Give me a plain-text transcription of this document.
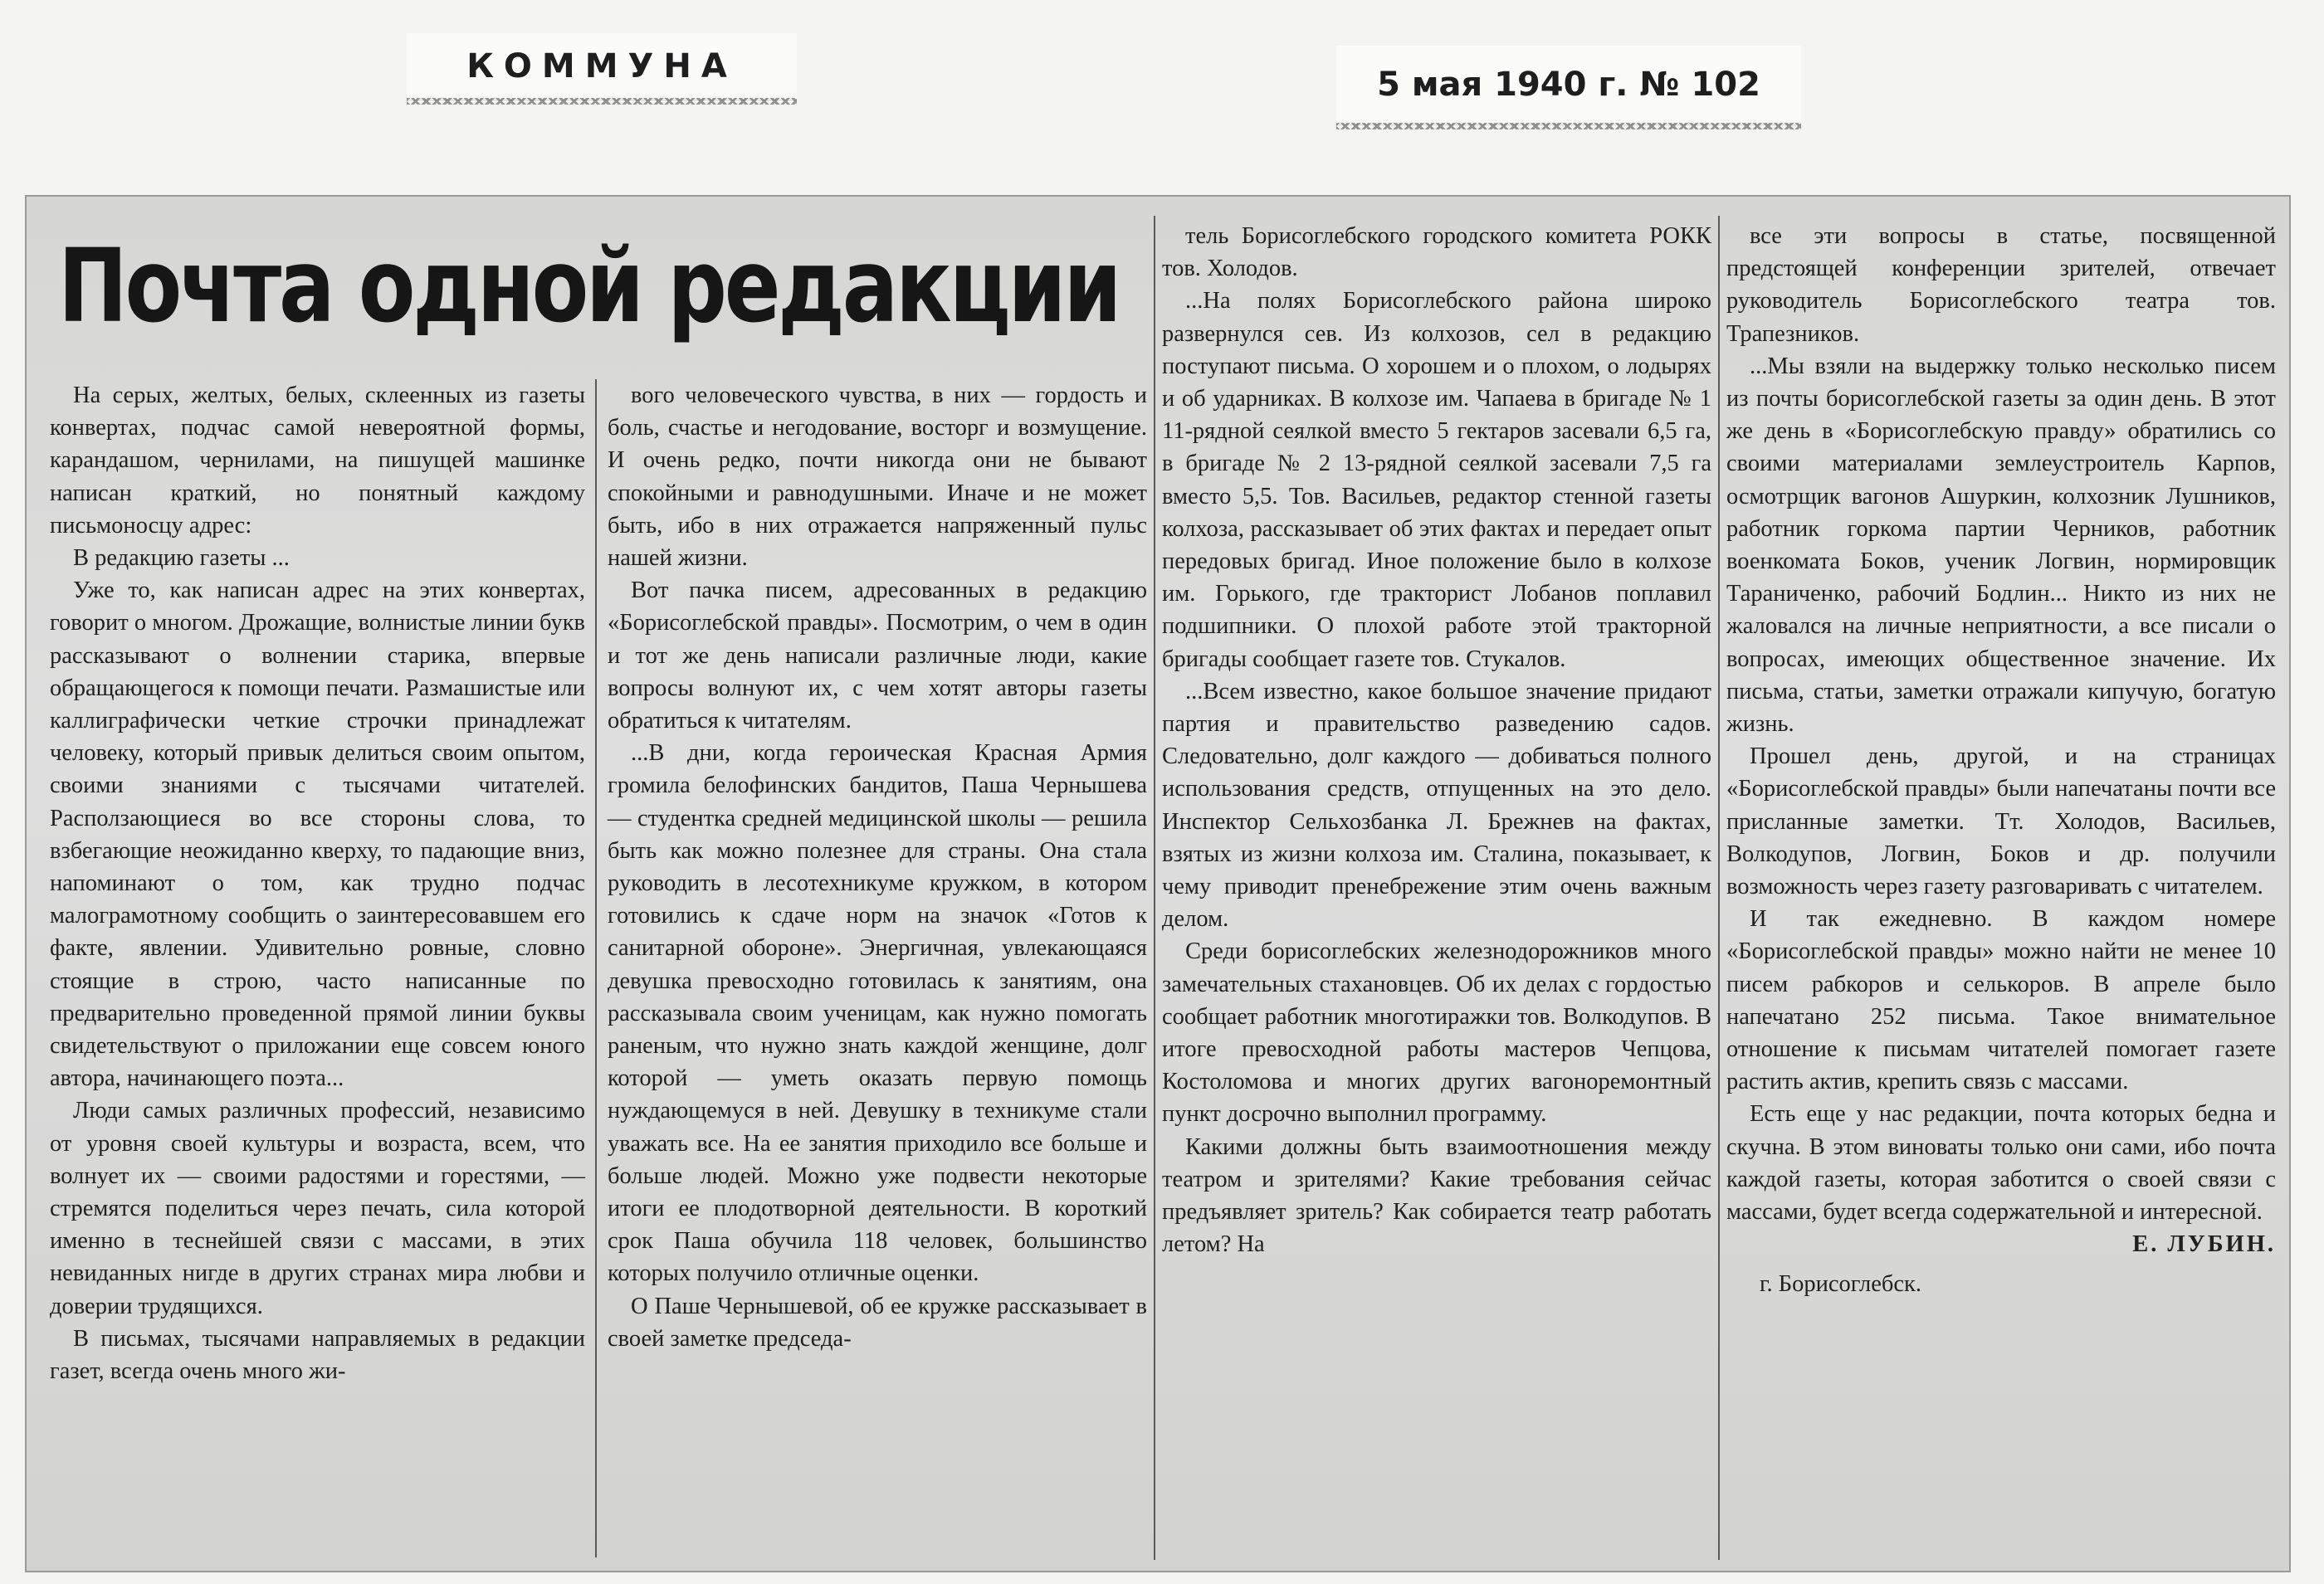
КОММУНА	5 мая 1940 г. № 102
Почта одной редакции

На серых, желтых, белых, склеенных из газеты конвертах, подчас самой невероятной формы, карандашом, чернилами, на пишущей машинке написан краткий, но понятный каждому письмоносцу адрес:

В редакцию газеты ...

Уже то, как написан адрес на этих конвертах, говорит о многом. Дрожащие, волнистые линии букв рассказывают о волнении старика, впервые обращающегося к помощи печати. Размашистые или каллиграфически четкие строчки принадлежат человеку, который привык делиться своим опытом, своими знаниями с тысячами читателей. Расползающиеся во все стороны слова, то взбегающие неожиданно кверху, то падающие вниз, напоминают о том, как трудно подчас малограмотному сообщить о заинтересовавшем его факте, явлении. Удивительно ровные, словно стоящие в строю, часто написанные по предварительно проведенной прямой линии буквы свидетельствуют о приложании еще совсем юного автора, начинающего поэта...

Люди самых различных профессий, независимо от уровня своей культуры и возраста, всем, что волнует их — своими радостями и горестями, — стремятся поделиться через печать, сила которой именно в теснейшей связи с массами, в этих невиданных нигде в других странах мира любви и доверии трудящихся.

В письмах, тысячами направляемых в редакции газет, всегда очень много жи-

вого человеческого чувства, в них — гордость и боль, счастье и негодование, восторг и возмущение. И очень редко, почти никогда они не бывают спокойными и равнодушными. Иначе и не может быть, ибо в них отражается напряженный пульс нашей жизни.

Вот пачка писем, адресованных в редакцию «Борисоглебской правды». Посмотрим, о чем в один и тот же день написали различные люди, какие вопросы волнуют их, с чем хотят авторы газеты обратиться к читателям.

...В дни, когда героическая Красная Армия громила белофинских бандитов, Паша Чернышева — студентка средней медицинской школы — решила быть как можно полезнее для страны. Она стала руководить в лесотехникуме кружком, в котором готовились к сдаче норм на значок «Готов к санитарной обороне». Энергичная, увлекающаяся девушка превосходно готовилась к занятиям, она рассказывала своим ученицам, как нужно помогать раненым, что нужно знать каждой женщине, долг которой — уметь оказать первую помощь нуждающемуся в ней. Девушку в техникуме стали уважать все. На ее занятия приходило все больше и больше людей. Можно уже подвести некоторые итоги ее плодотворной деятельности. В короткий срок Паша обучила 118 человек, большинство которых получило отличные оценки.

О Паше Чернышевой, об ее кружке рассказывает в своей заметке председа-

тель Борисоглебского городского комитета РОКК тов. Холодов.

...На полях Борисоглебского района широко развернулся сев. Из колхозов, сел в редакцию поступают письма. О хорошем и о плохом, о лодырях и об ударниках. В колхозе им. Чапаева в бригаде № 1 11-рядной сеялкой вместо 5 гектаров засевали 6,5 га, в бригаде № 2 13-рядной сеялкой засевали 7,5 га вместо 5,5. Тов. Васильев, редактор стенной газеты колхоза, рассказывает об этих фактах и передает опыт передовых бригад. Иное положение было в колхозе им. Горького, где тракторист Лобанов поплавил подшипники. О плохой работе этой тракторной бригады сообщает газете тов. Стукалов.

...Всем известно, какое большое значение придают партия и правительство разведению садов. Следовательно, долг каждого — добиваться полного использования средств, отпущенных на это дело. Инспектор Сельхозбанка Л. Брежнев на фактах, взятых из жизни колхоза им. Сталина, показывает, к чему приводит пренебрежение этим очень важным делом.

Среди борисоглебских железнодорожников много замечательных стахановцев. Об их делах с гордостью сообщает работник многотиражки тов. Волкодупов. В итоге превосходной работы мастеров Чепцова, Костоломова и многих других вагоноремонтный пункт досрочно выполнил программу.

Какими должны быть взаимоотношения между театром и зрителями? Какие требования сейчас предъявляет зритель? Как собирается театр работать летом? На

все эти вопросы в статье, посвященной предстоящей конференции зрителей, отвечает руководитель Борисоглебского театра тов. Трапезников.

...Мы взяли на выдержку только несколько писем из почты борисоглебской газеты за один день. В этот же день в «Борисоглебскую правду» обратились со своими материалами землеустроитель Карпов, осмотрщик вагонов Ашуркин, колхозник Лушников, работник горкома партии Черников, работник военкомата Боков, ученик Логвин, нормировщик Тараниченко, рабочий Бодлин... Никто из них не жаловался на личные неприятности, а все писали о вопросах, имеющих общественное значение. Их письма, статьи, заметки отражали кипучую, богатую жизнь.

Прошел день, другой, и на страницах «Борисоглебской правды» были напечатаны почти все присланные заметки. Тт. Холодов, Васильев, Волкодупов, Логвин, Боков и др. получили возможность через газету разговаривать с читателем.

И так ежедневно. В каждом номере «Борисоглебской правды» можно найти не менее 10 писем рабкоров и селькоров. В апреле было напечатано 252 письма. Такое внимательное отношение к письмам читателей помогает газете растить актив, крепить связь с массами.

Есть еще у нас редакции, почта которых бедна и скучна. В этом виноваты только они сами, ибо почта каждой газеты, которая заботится о своей связи с массами, будет всегда содержательной и интересной.

Е. ЛУБИН.

г. Борисоглебск.
